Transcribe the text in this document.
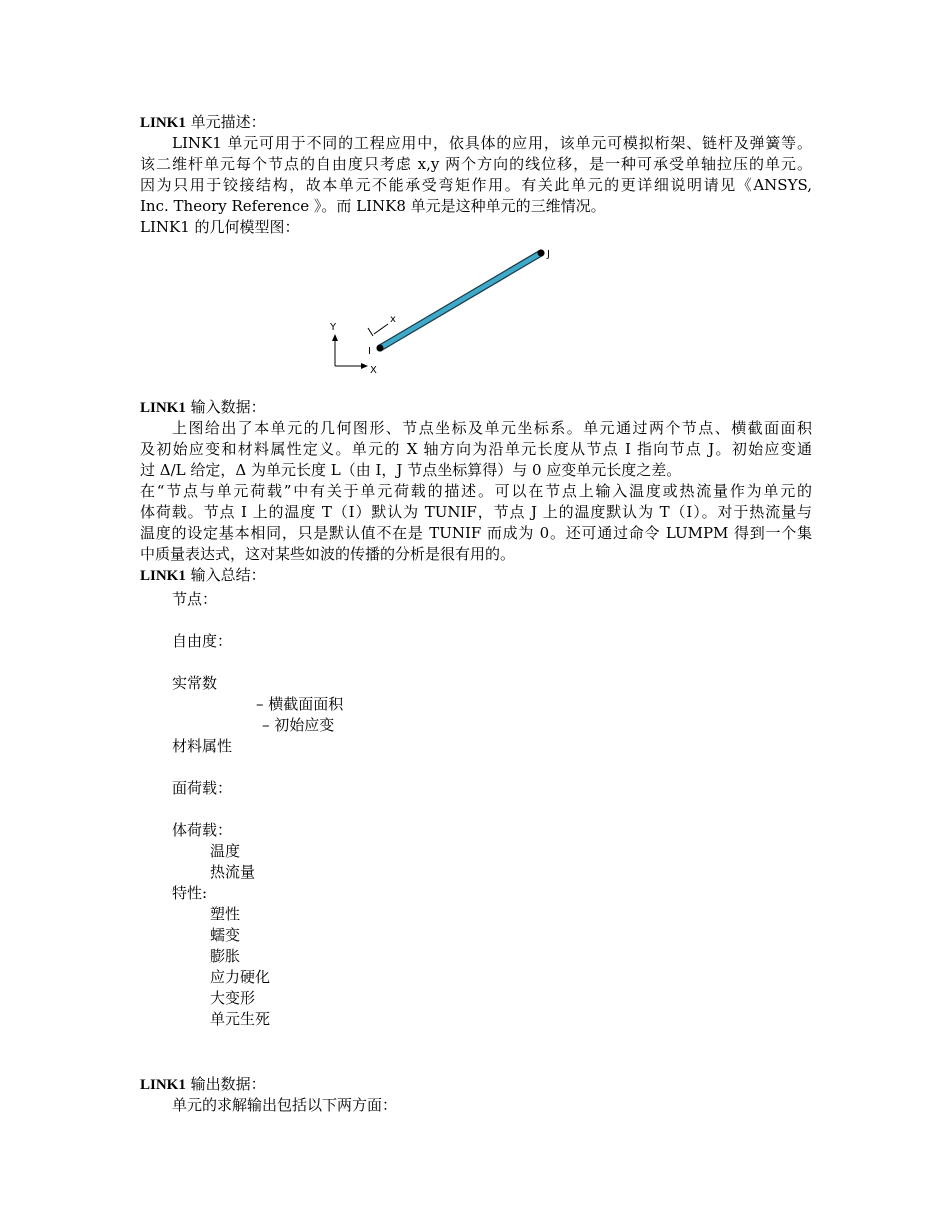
LINK1 单元描述：
LINK1 单元可用于不同的工程应用中，依具体的应用，该单元可模拟桁架、链杆及弹簧等。
该二维杆单元每个节点的自由度只考虑 x,y 两个方向的线位移，是一种可承受单轴拉压的单元。
因为只用于铰接结构，故本单元不能承受弯矩作用。有关此单元的更详细说明请见《ANSYS,
Inc. Theory Reference 》。而 LINK8 单元是这种单元的三维情况。
LINK1 的几何模型图：
J
I
x
Y
X
LINK1 输入数据：
上图给出了本单元的几何图形、节点坐标及单元坐标系。单元通过两个节点、横截面面积
及初始应变和材料属性定义。单元的 X 轴方向为沿单元长度从节点 I 指向节点 J。初始应变通
过 Δ/L 给定，Δ 为单元长度 L（由 I，J 节点坐标算得）与 0 应变单元长度之差。
在“节点与单元荷载”中有关于单元荷载的描述。可以在节点上输入温度或热流量作为单元的
体荷载。节点 I 上的温度 T（I）默认为 TUNIF，节点 J 上的温度默认为 T（I）。对于热流量与
温度的设定基本相同，只是默认值不在是 TUNIF 而成为 0。还可通过命令 LUMPM 得到一个集
中质量表达式，这对某些如波的传播的分析是很有用的。
LINK1 输入总结：
节点：
自由度：
实常数
– 横截面面积
– 初始应变
材料属性
面荷载：
体荷载：
温度
热流量
特性:
塑性
蠕变
膨胀
应力硬化
大变形
单元生死
LINK1 输出数据：
单元的求解输出包括以下两方面：
